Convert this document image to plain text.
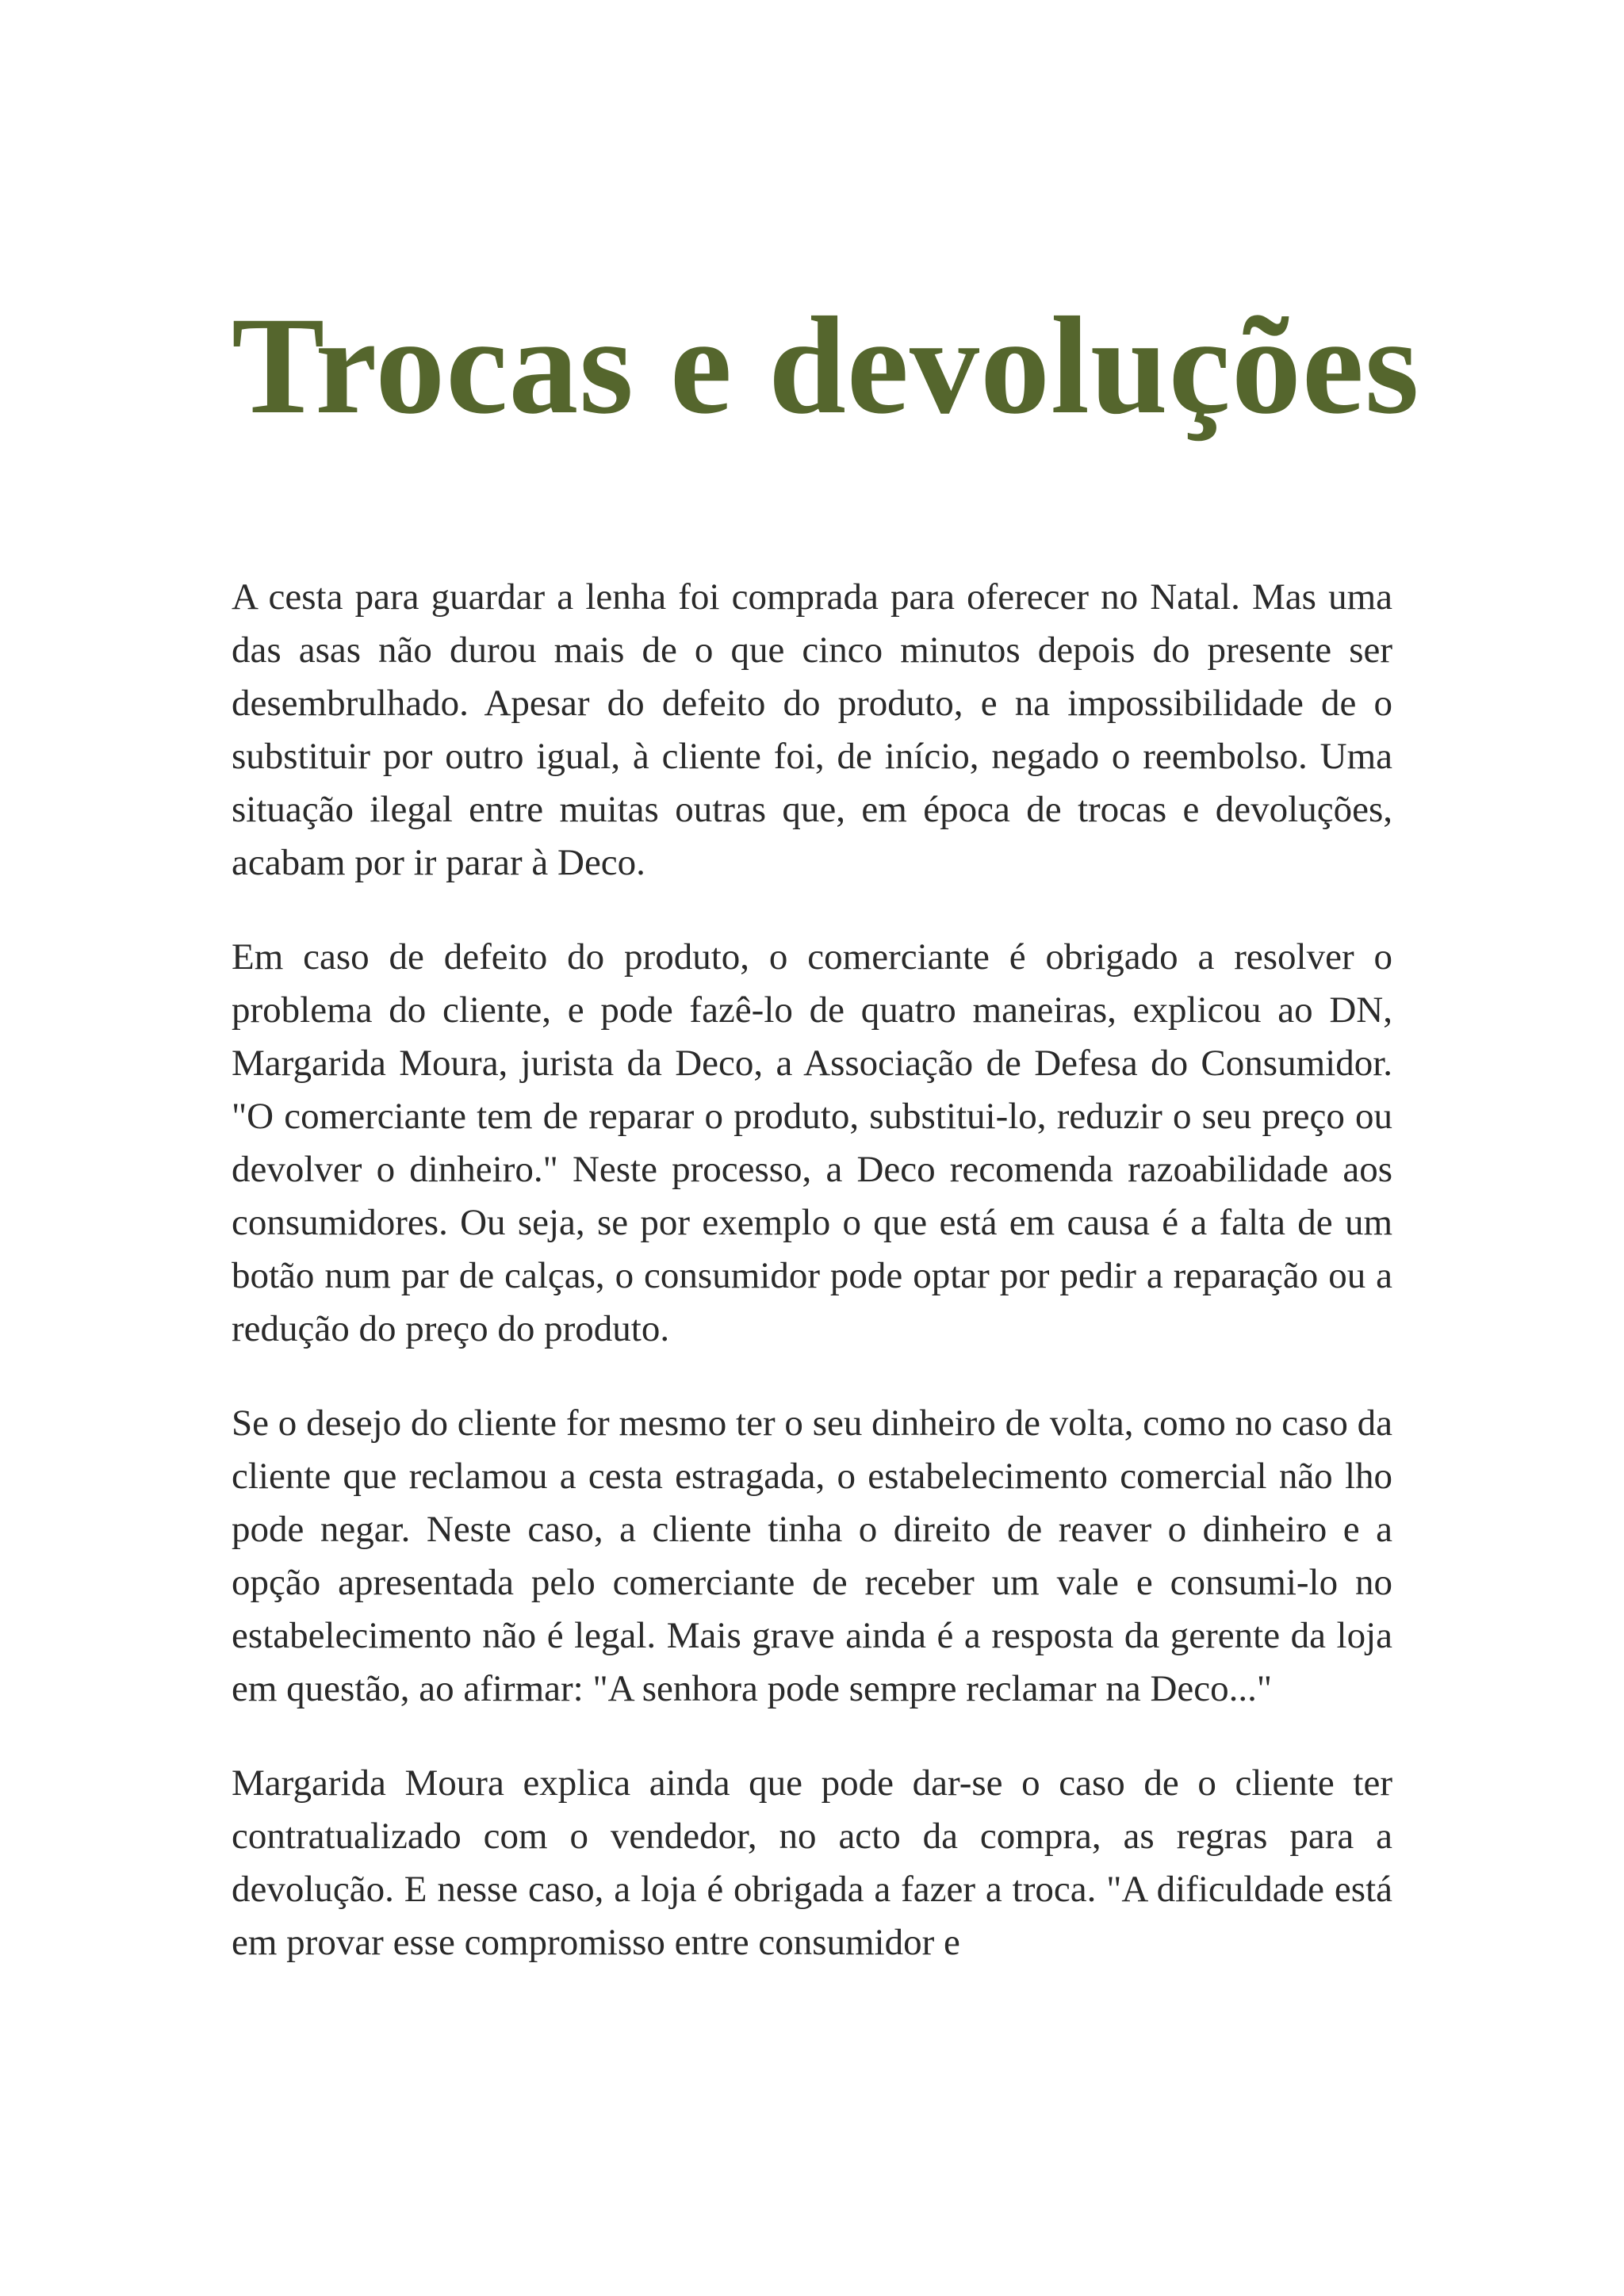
Trocas e devoluções

A cesta para guardar a lenha foi comprada para oferecer no Natal. Mas uma das asas não durou mais de o que cinco minutos depois do presente ser desembrulhado. Apesar do defeito do produto, e na impossibilidade de o substituir por outro igual, à cliente foi, de início, negado o reembolso. Uma situação ilegal entre muitas outras que, em época de trocas e devoluções, acabam por ir parar à Deco.

Em caso de defeito do produto, o comerciante é obrigado a resolver o problema do cliente, e pode fazê-lo de quatro maneiras, explicou ao DN, Margarida Moura, jurista da Deco, a Associação de Defesa do Consumidor. "O comerciante tem de reparar o produto, substitui-lo, reduzir o seu preço ou devolver o dinheiro." Neste processo, a Deco recomenda razoabilidade aos consumidores. Ou seja, se por exemplo o que está em causa é a falta de um botão num par de calças, o consumidor pode optar por pedir a reparação ou a redução do preço do produto.

Se o desejo do cliente for mesmo ter o seu dinheiro de volta, como no caso da cliente que reclamou a cesta estragada, o estabelecimento comercial não lho pode negar. Neste caso, a cliente tinha o direito de reaver o dinheiro e a opção apresentada pelo comerciante de receber um vale e consumi-lo no estabelecimento não é legal. Mais grave ainda é a resposta da gerente da loja em questão, ao afirmar: "A senhora pode sempre reclamar na Deco..."

Margarida Moura explica ainda que pode dar-se o caso de o cliente ter contratualizado com o vendedor, no acto da compra, as regras para a devolução. E nesse caso, a loja é obrigada a fazer a troca. "A dificuldade está em provar esse compromisso entre consumidor e
